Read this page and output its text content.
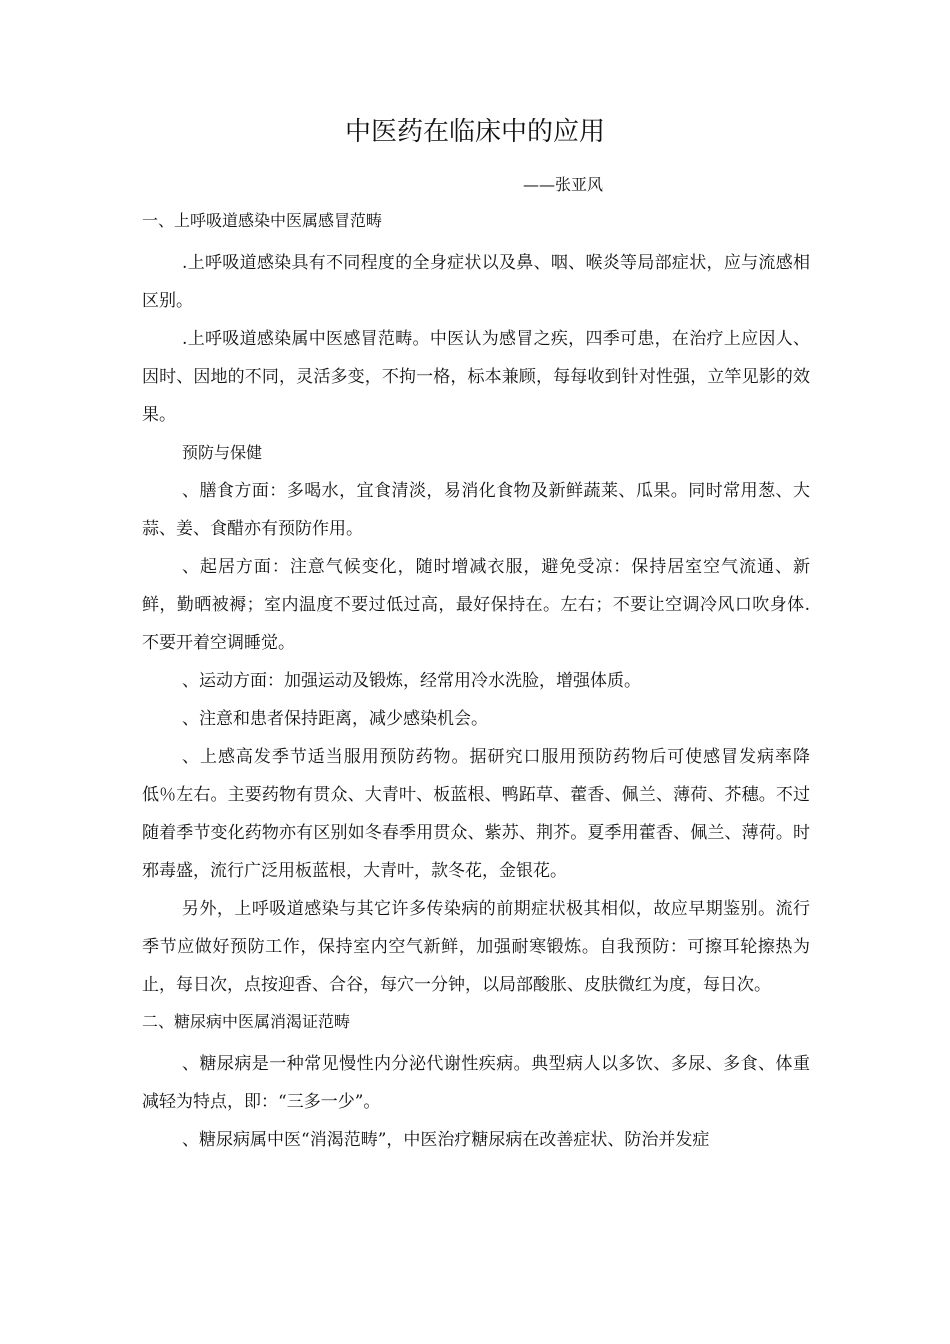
中医药在临床中的应用

——张亚风

一、上呼吸道感染中医属感冒范畴

.上呼吸道感染具有不同程度的全身症状以及鼻、咽、喉炎等局部症状，应与流感相区别。

.上呼吸道感染属中医感冒范畴。中医认为感冒之疾，四季可患，在治疗上应因人、因时、因地的不同，灵活多变，不拘一格，标本兼顾，每每收到针对性强，立竿见影的效果。

预防与保健

、膳食方面：多喝水，宜食清淡，易消化食物及新鲜蔬莱、瓜果。同时常用葱、大蒜、姜、食醋亦有预防作用。

、起居方面：注意气候变化，随时增减衣服，避免受凉：保持居室空气流通、新鲜，勤晒被褥；室内温度不要过低过高，最好保持在。左右；不要让空调冷风口吹身体.不要开着空调睡觉。

、运动方面：加强运动及锻炼，经常用冷水洗脸，增强体质。

、注意和患者保持距离，减少感染机会。

、上感高发季节适当服用预防药物。据研究口服用预防药物后可使感冒发病率降低％左右。主要药物有贯众、大青叶、板蓝根、鸭跖草、藿香、佩兰、薄荷、芥穗。不过随着季节变化药物亦有区别如冬春季用贯众、紫苏、荆芥。夏季用藿香、佩兰、薄荷。时邪毒盛，流行广泛用板蓝根，大青叶，款冬花，金银花。

另外，上呼吸道感染与其它许多传染病的前期症状极其相似，故应早期鉴别。流行季节应做好预防工作，保持室内空气新鲜，加强耐寒锻炼。自我预防：可擦耳轮擦热为止，每日次，点按迎香、合谷，每穴一分钟，以局部酸胀、皮肤微红为度，每日次。

二、糖尿病中医属消渴证范畴

、糖尿病是一种常见慢性内分泌代谢性疾病。典型病人以多饮、多尿、多食、体重减轻为特点，即：“三多一少”。

、糖尿病属中医“消渴范畴”，中医治疗糖尿病在改善症状、防治并发症
